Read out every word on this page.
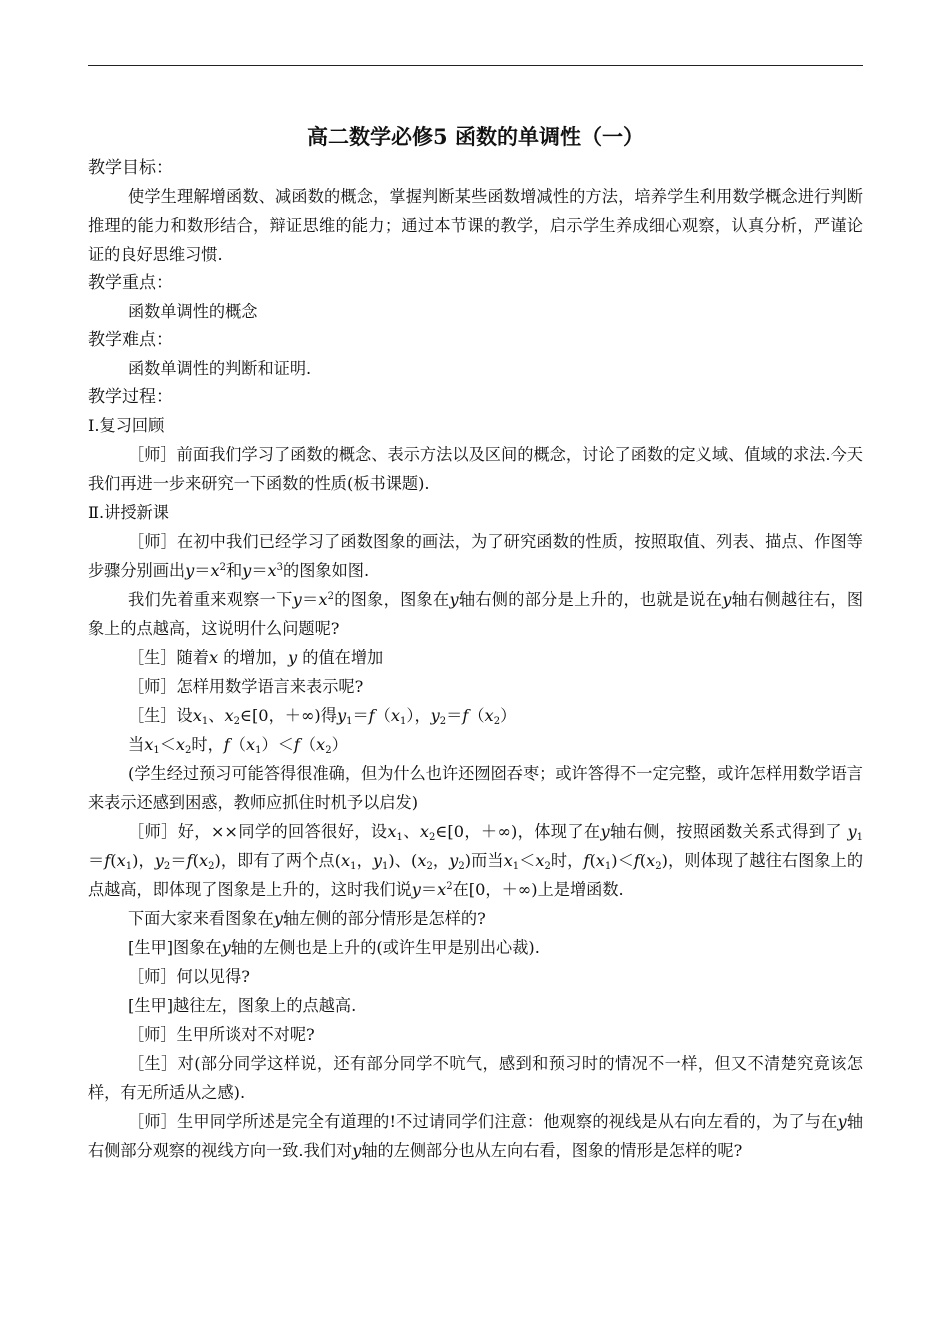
高二数学必修5 函数的单调性（一）
教学目标：
使学生理解增函数、减函数的概念，掌握判断某些函数增减性的方法，培养学生利用数学概念进行判断推理的能力和数形结合，辩证思维的能力；通过本节课的教学，启示学生养成细心观察，认真分析，严谨论证的良好思维习惯.
教学重点：
函数单调性的概念
教学难点：
函数单调性的判断和证明.
教学过程：
Ⅰ.复习回顾
［师］前面我们学习了函数的概念、表示方法以及区间的概念，讨论了函数的定义域、值域的求法.今天我们再进一步来研究一下函数的性质(板书课题).
Ⅱ.讲授新课
［师］在初中我们已经学习了函数图象的画法，为了研究函数的性质，按照取值、列表、描点、作图等步骤分别画出$y=x^2$和$y=x^3$的图象如图.
我们先着重来观察一下$y=x^2$的图象，图象在y轴右侧的部分是上升的，也就是说在y轴右侧越往右，图象上的点越高，这说明什么问题呢?
［生］随着x 的增加，y 的值在增加
［师］怎样用数学语言来表示呢?
［生］设$x_1$、$x_2\in[0$，＋∞)得$y_1=f(x_1)$，$y_2=f(x_2)$
当$x_1<x_2$时，$f(x_1)<f(x_2)$
(学生经过预习可能答得很准确，但为什么也许还囫囵吞枣；或许答得不一定完整，或许怎样用数学语言来表示还感到困惑，教师应抓住时机予以启发)
［师］好，××同学的回答很好，设$x_1$、$x_2\in[0$，＋∞)，体现了在y轴右侧，按照函数关系式得到了 $y_1=f(x_1)$，$y_2=f(x_2)$，即有了两个点($x_1$，$y_1$)、($x_2$，$y_2$)而当$x_1<x_2$时，$f(x_1)<f(x_2)$，则体现了越往右图象上的点越高，即体现了图象是上升的，这时我们说$y=x^2$在[0，＋∞)上是增函数.
下面大家来看图象在y轴左侧的部分情形是怎样的?
[生甲]图象在y轴的左侧也是上升的(或许生甲是别出心裁).
［师］何以见得?
[生甲]越往左，图象上的点越高.
［师］生甲所谈对不对呢?
［生］对(部分同学这样说，还有部分同学不吭气，感到和预习时的情况不一样，但又不清楚究竟该怎样，有无所适从之感).
［师］生甲同学所述是完全有道理的!不过请同学们注意：他观察的视线是从右向左看的，为了与在y轴右侧部分观察的视线方向一致.我们对y轴的左侧部分也从左向右看，图象的情形是怎样的呢?
